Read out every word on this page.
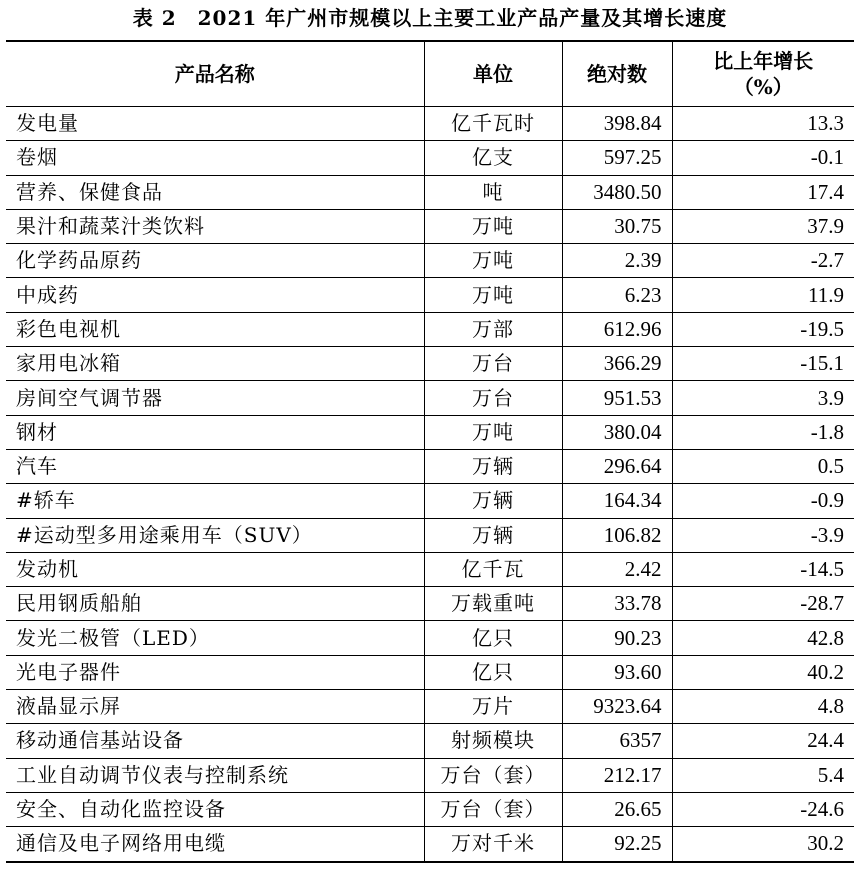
表 2　2021 年广州市规模以上主要工业产品产量及其增长速度
产品名称	单位	绝对数	比上年增长
（%）

发电量	亿千瓦时	398.84	13.3
卷烟	亿支	597.25	-0.1
营养、保健食品	吨	3480.50	17.4
果汁和蔬菜汁类饮料	万吨	30.75	37.9
化学药品原药	万吨	2.39	-2.7
中成药	万吨	6.23	11.9
彩色电视机	万部	612.96	-19.5
家用电冰箱	万台	366.29	-15.1
房间空气调节器	万台	951.53	3.9
钢材	万吨	380.04	-1.8
汽车	万辆	296.64	0.5
#轿车	万辆	164.34	-0.9
#运动型多用途乘用车（SUV）	万辆	106.82	-3.9
发动机	亿千瓦	2.42	-14.5
民用钢质船舶	万载重吨	33.78	-28.7
发光二极管（LED）	亿只	90.23	42.8
光电子器件	亿只	93.60	40.2
液晶显示屏	万片	9323.64	4.8
移动通信基站设备	射频模块	6357	24.4
工业自动调节仪表与控制系统	万台（套）	212.17	5.4
安全、自动化监控设备	万台（套）	26.65	-24.6
通信及电子网络用电缆	万对千米	92.25	30.2
